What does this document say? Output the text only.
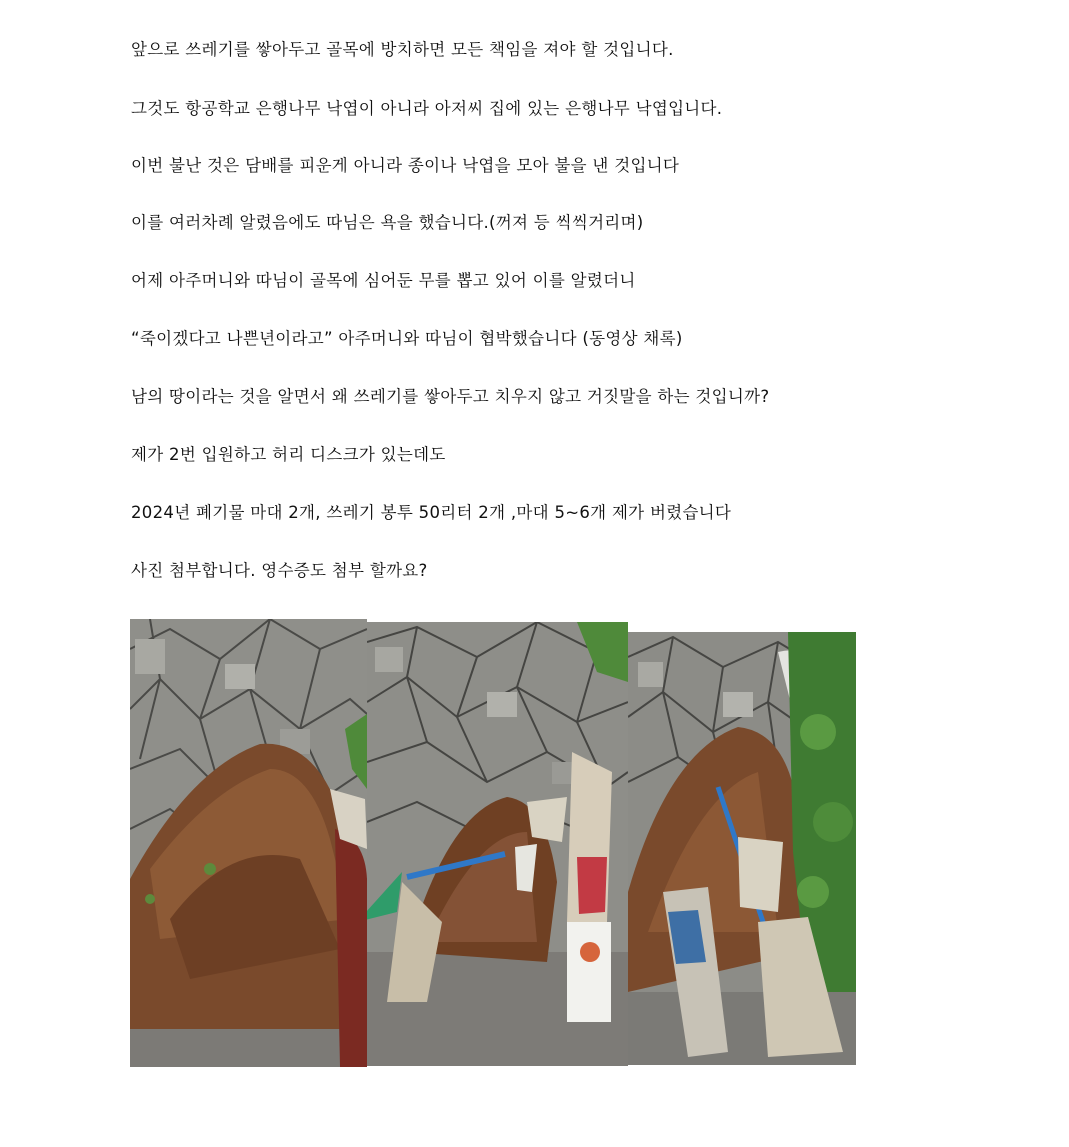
앞으로 쓰레기를 쌓아두고 골목에 방치하면 모든 책임을 져야 할 것입니다.
그것도 항공학교 은행나무 낙엽이 아니라 아저씨 집에 있는 은행나무 낙엽입니다.
이번 불난 것은 담배를 피운게 아니라 종이나 낙엽을 모아 불을 낸 것입니다
이를 여러차례 알렸음에도 따님은 욕을 했습니다.(꺼져 등 씩씩거리며)
어제 아주머니와 따님이 골목에 심어둔 무를 뽑고 있어 이를 알렸더니
“죽이겠다고 나쁜년이라고” 아주머니와 따님이 협박했습니다 (동영상 채록)
남의 땅이라는 것을 알면서 왜 쓰레기를 쌓아두고 치우지 않고 거짓말을 하는 것입니까?
제가 2번 입원하고 허리 디스크가 있는데도
2024년 폐기물 마대 2개, 쓰레기 봉투 50리터 2개 ,마대 5~6개 제가 버렸습니다
사진 첨부합니다. 영수증도 첨부 할까요?
